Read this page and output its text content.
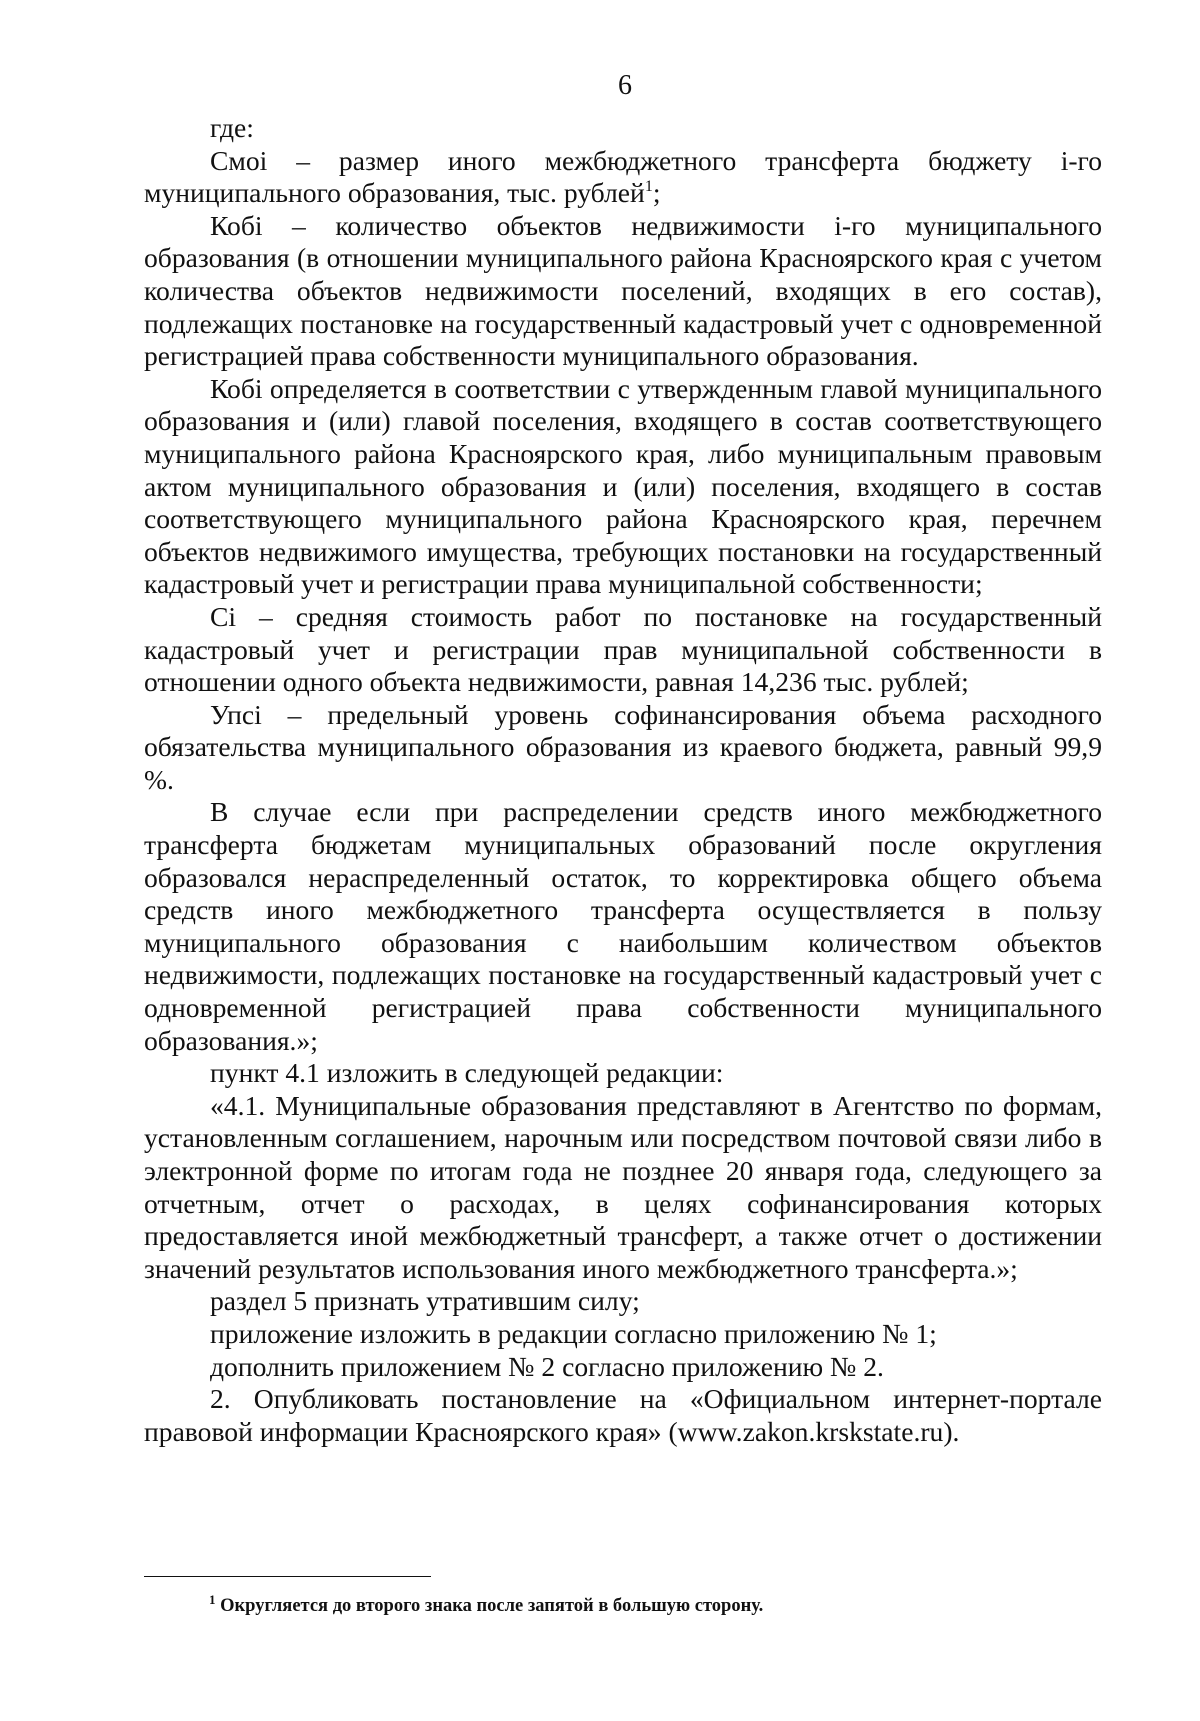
6

где:

Смоi – размер иного межбюджетного трансферта бюджету i-го муниципального образования, тыс. рублей$^1$;

Кобi – количество объектов недвижимости i-го муниципального образования (в отношении муниципального района Красноярского края с учетом количества объектов недвижимости поселений, входящих в его состав), подлежащих постановке на государственный кадастровый учет с одновременной регистрацией права собственности муниципального образования.

Кобi определяется в соответствии с утвержденным главой муниципального образования и (или) главой поселения, входящего в состав соответствующего муниципального района Красноярского края, либо муниципальным правовым актом муниципального образования и (или) поселения, входящего в состав соответствующего муниципального района Красноярского края, перечнем объектов недвижимого имущества, требующих постановки на государственный кадастровый учет и регистрации права муниципальной собственности;

Сi – средняя стоимость работ по постановке на государственный кадастровый учет и регистрации прав муниципальной собственности в отношении одного объекта недвижимости, равная 14,236 тыс. рублей;

Упсi – предельный уровень софинансирования объема расходного обязательства муниципального образования из краевого бюджета, равный 99,9 %.

В случае если при распределении средств иного межбюджетного трансферта бюджетам муниципальных образований после округления образовался нераспределенный остаток, то корректировка общего объема средств иного межбюджетного трансферта осуществляется в пользу муниципального образования с наибольшим количеством объектов недвижимости, подлежащих постановке на государственный кадастровый учет с одновременной регистрацией права собственности муниципального образования.»;

пункт 4.1 изложить в следующей редакции:

«4.1. Муниципальные образования представляют в Агентство по формам, установленным соглашением, нарочным или посредством почтовой связи либо в электронной форме по итогам года не позднее 20 января года, следующего за отчетным, отчет о расходах, в целях софинансирования которых предоставляется иной межбюджетный трансферт, а также отчет о достижении значений результатов использования иного межбюджетного трансферта.»;

раздел 5 признать утратившим силу;

приложение изложить в редакции согласно приложению № 1;

дополнить приложением № 2 согласно приложению № 2.

2. Опубликовать постановление на «Официальном интернет-портале правовой информации Красноярского края» (www.zakon.krskstate.ru).

$^1$ Округляется до второго знака после запятой в большую сторону.
